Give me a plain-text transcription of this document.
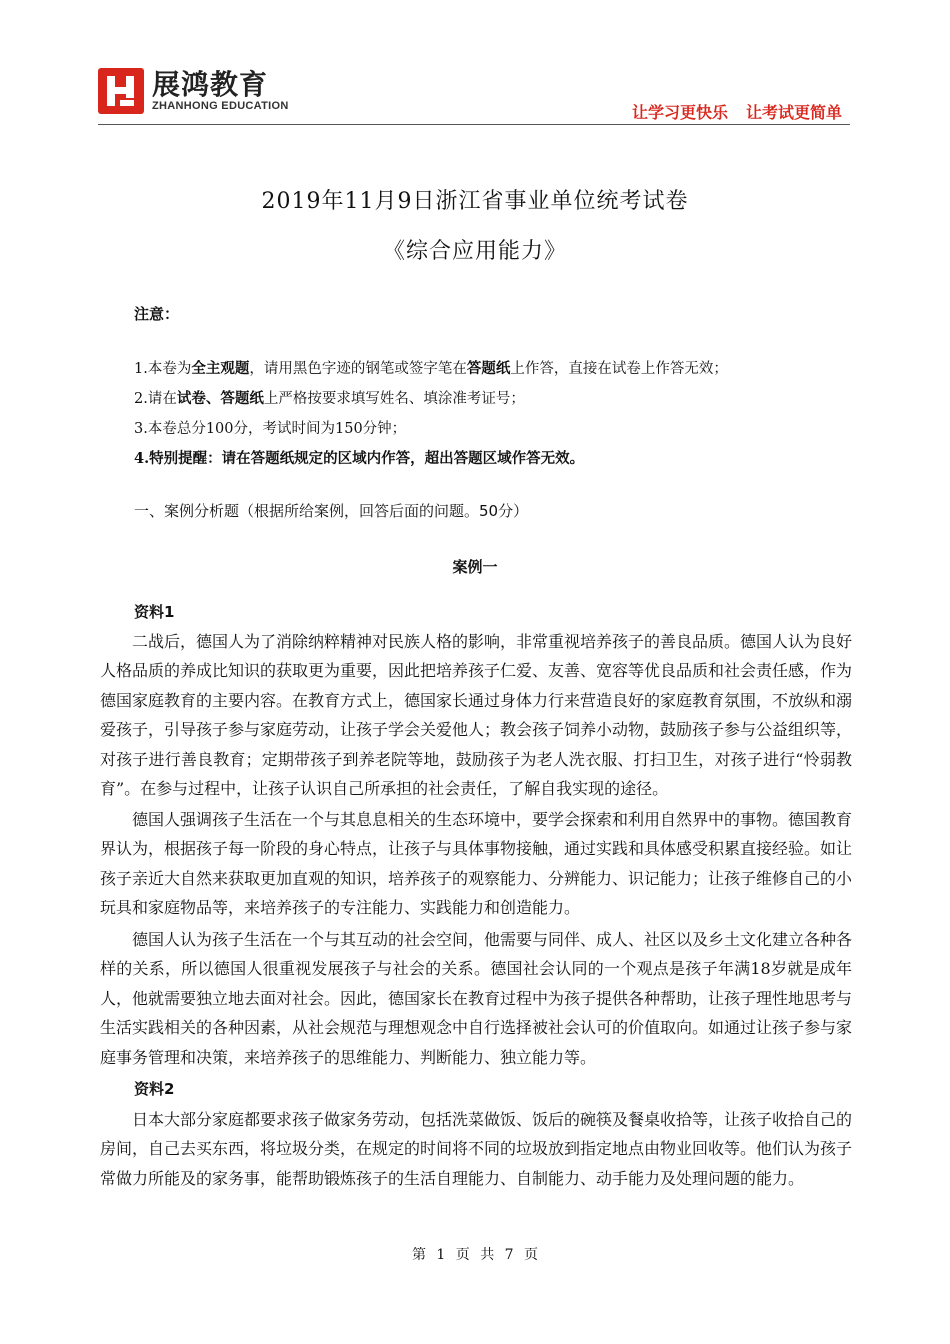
展鸿教育
ZHANHONG EDUCATION	让学习更快乐 让考试更简单
2019年11月9日浙江省事业单位统考试卷
《综合应用能力》
注意：
1.本卷为全主观题，请用黑色字迹的钢笔或签字笔在答题纸上作答，直接在试卷上作答无效；
2.请在试卷、答题纸上严格按要求填写姓名、填涂准考证号；
3.本卷总分100分，考试时间为150分钟；
4.特别提醒：请在答题纸规定的区域内作答，超出答题区域作答无效。
一、案例分析题（根据所给案例，回答后面的问题。50分）
案例一
资料1

二战后，德国人为了消除纳粹精神对民族人格的影响，非常重视培养孩子的善良品质。德国人认为良好人格品质的养成比知识的获取更为重要，因此把培养孩子仁爱、友善、宽容等优良品质和社会责任感，作为德国家庭教育的主要内容。在教育方式上，德国家长通过身体力行来营造良好的家庭教育氛围，不放纵和溺爱孩子，引导孩子参与家庭劳动，让孩子学会关爱他人；教会孩子饲养小动物，鼓励孩子参与公益组织等，对孩子进行善良教育；定期带孩子到养老院等地，鼓励孩子为老人洗衣服、打扫卫生，对孩子进行“怜弱教育”。在参与过程中，让孩子认识自己所承担的社会责任，了解自我实现的途径。

德国人强调孩子生活在一个与其息息相关的生态环境中，要学会探索和利用自然界中的事物。德国教育界认为，根据孩子每一阶段的身心特点，让孩子与具体事物接触，通过实践和具体感受积累直接经验。如让孩子亲近大自然来获取更加直观的知识，培养孩子的观察能力、分辨能力、识记能力；让孩子维修自己的小玩具和家庭物品等，来培养孩子的专注能力、实践能力和创造能力。

德国人认为孩子生活在一个与其互动的社会空间，他需要与同伴、成人、社区以及乡土文化建立各种各样的关系，所以德国人很重视发展孩子与社会的关系。德国社会认同的一个观点是孩子年满18岁就是成年人，他就需要独立地去面对社会。因此，德国家长在教育过程中为孩子提供各种帮助，让孩子理性地思考与生活实践相关的各种因素，从社会规范与理想观念中自行选择被社会认可的价值取向。如通过让孩子参与家庭事务管理和决策，来培养孩子的思维能力、判断能力、独立能力等。

资料2

日本大部分家庭都要求孩子做家务劳动，包括洗菜做饭、饭后的碗筷及餐桌收拾等，让孩子收拾自己的房间，自己去买东西，将垃圾分类，在规定的时间将不同的垃圾放到指定地点由物业回收等。他们认为孩子常做力所能及的家务事，能帮助锻炼孩子的生活自理能力、自制能力、动手能力及处理问题的能力。

第 1 页 共 7 页
